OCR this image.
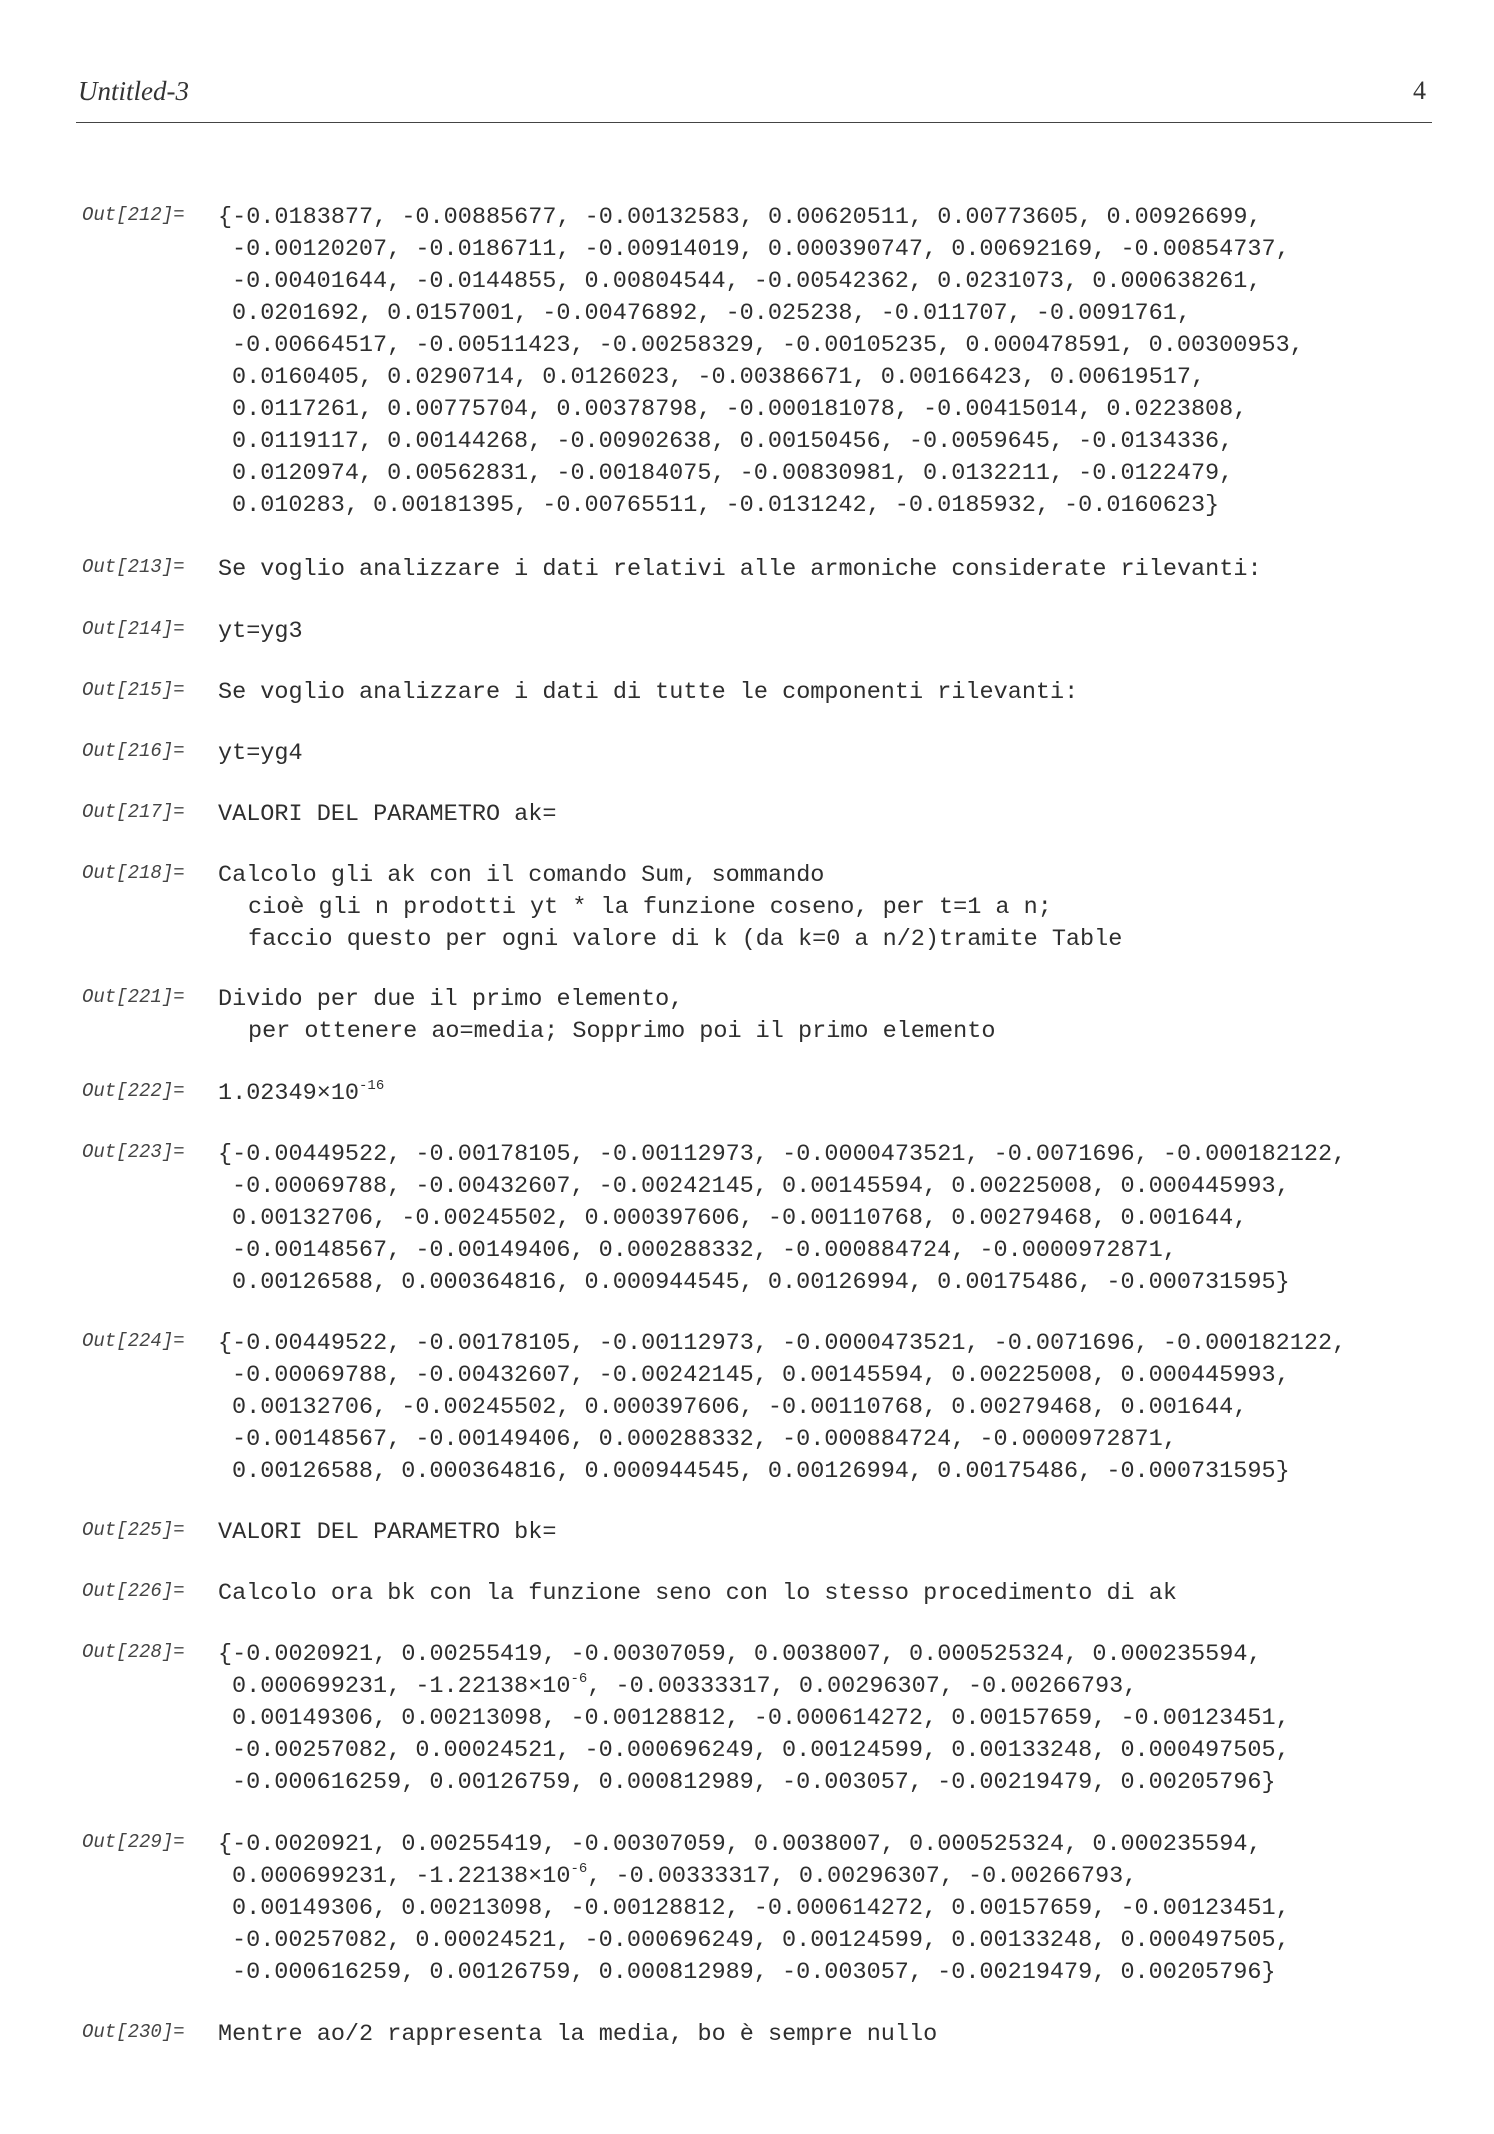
Untitled-3	4
Out[212]= {-0.0183877, -0.00885677, -0.00132583, 0.00620511, 0.00773605, 0.00926699,
-0.00120207, -0.0186711, -0.00914019, 0.000390747, 0.00692169, -0.00854737,
-0.00401644, -0.0144855, 0.00804544, -0.00542362, 0.0231073, 0.000638261,
0.0201692, 0.0157001, -0.00476892, -0.025238, -0.011707, -0.0091761,
-0.00664517, -0.00511423, -0.00258329, -0.00105235, 0.000478591, 0.00300953,
0.0160405, 0.0290714, 0.0126023, -0.00386671, 0.00166423, 0.00619517,
0.0117261, 0.00775704, 0.00378798, -0.000181078, -0.00415014, 0.0223808,
0.0119117, 0.00144268, -0.00902638, 0.00150456, -0.0059645, -0.0134336,
0.0120974, 0.00562831, -0.00184075, -0.00830981, 0.0132211, -0.0122479,
0.010283, 0.00181395, -0.00765511, -0.0131242, -0.0185932, -0.0160623}
Out[213]= Se voglio analizzare i dati relativi alle armoniche considerate rilevanti:
Out[214]= yt=yg3
Out[215]= Se voglio analizzare i dati di tutte le componenti rilevanti:
Out[216]= yt=yg4
Out[217]= VALORI DEL PARAMETRO ak=
Out[218]= Calcolo gli ak con il comando Sum, sommando
cioè gli n prodotti yt * la funzione coseno, per t=1 a n;
faccio questo per ogni valore di k (da k=0 a n/2)tramite Table
Out[221]= Divido per due il primo elemento,
per ottenere ao=media; Sopprimo poi il primo elemento
$Out[222]= 1.02349\times 10^{-16}$
Out[223]= {-0.00449522, -0.00178105, -0.00112973, -0.0000473521, -0.0071696, -0.000182122,
-0.00069788, -0.00432607, -0.00242145, 0.00145594, 0.00225008, 0.000445993,
0.00132706, -0.00245502, 0.000397606, -0.00110768, 0.00279468, 0.001644,
-0.00148567, -0.00149406, 0.000288332, -0.000884724, -0.0000972871,
0.00126588, 0.000364816, 0.000944545, 0.00126994, 0.00175486, -0.000731595}
Out[224]= {-0.00449522, -0.00178105, -0.00112973, -0.0000473521, -0.0071696, -0.000182122,
-0.00069788, -0.00432607, -0.00242145, 0.00145594, 0.00225008, 0.000445993,
0.00132706, -0.00245502, 0.000397606, -0.00110768, 0.00279468, 0.001644,
-0.00148567, -0.00149406, 0.000288332, -0.000884724, -0.0000972871,
0.00126588, 0.000364816, 0.000944545, 0.00126994, 0.00175486, -0.000731595}
Out[225]= VALORI DEL PARAMETRO bk=
Out[226]= Calcolo ora bk con la funzione seno con lo stesso procedimento di ak
Out[228]= {-0.0020921, 0.00255419, -0.00307059, 0.0038007, 0.000525324, 0.000235594,
0.000699231, $-1.22138\times 10^{-6}$, -0.00333317, 0.00296307, -0.00266793,
0.00149306, 0.00213098, -0.00128812, -0.000614272, 0.00157659, -0.00123451,
-0.00257082, 0.00024521, -0.000696249, 0.00124599, 0.00133248, 0.000497505,
-0.000616259, 0.00126759, 0.000812989, -0.003057, -0.00219479, 0.00205796}
Out[229]= {-0.0020921, 0.00255419, -0.00307059, 0.0038007, 0.000525324, 0.000235594,
0.000699231, $-1.22138\times 10^{-6}$, -0.00333317, 0.00296307, -0.00266793,
0.00149306, 0.00213098, -0.00128812, -0.000614272, 0.00157659, -0.00123451,
-0.00257082, 0.00024521, -0.000696249, 0.00124599, 0.00133248, 0.000497505,
-0.000616259, 0.00126759, 0.000812989, -0.003057, -0.00219479, 0.00205796}
Out[230]= Mentre ao/2 rappresenta la media, bo è sempre nullo
